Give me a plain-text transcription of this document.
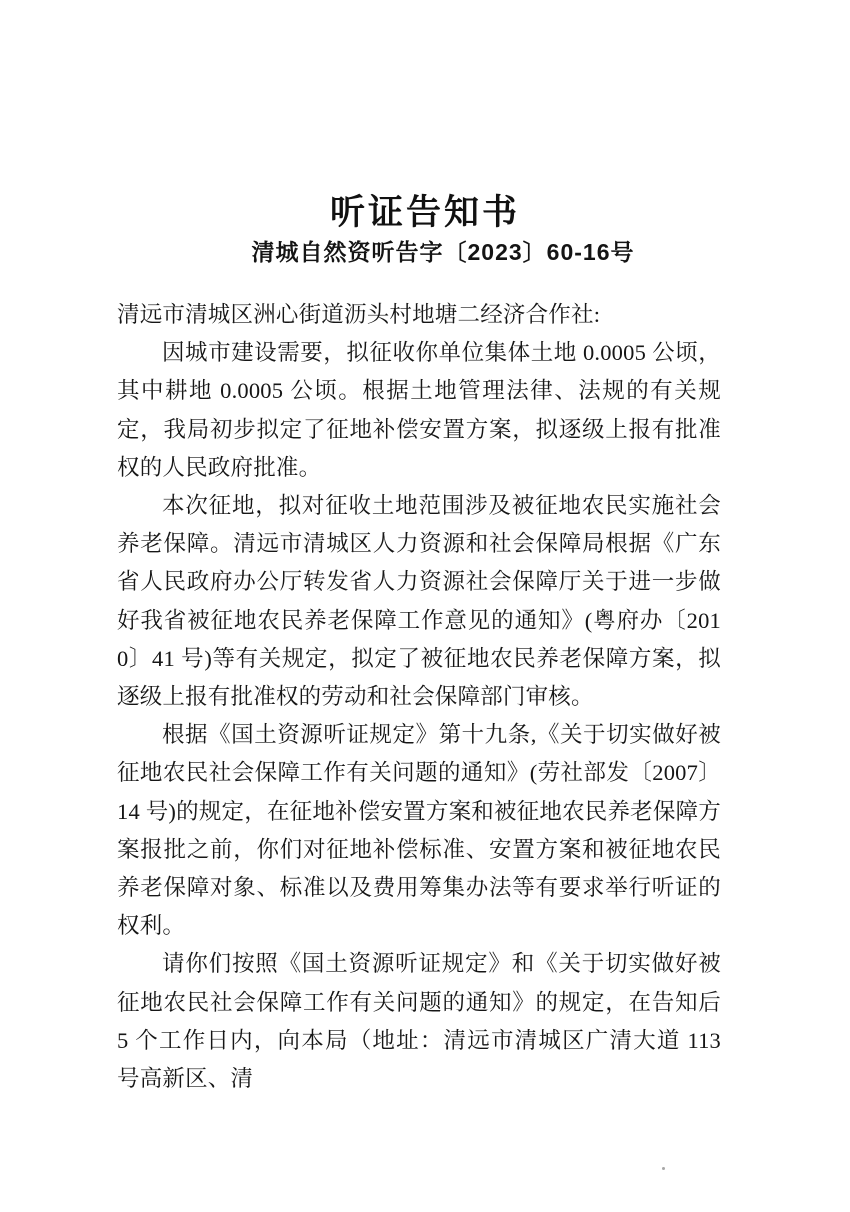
听证告知书
清城自然资听告字〔2023〕60-16号

清远市清城区洲心街道沥头村地塘二经济合作社:

因城市建设需要，拟征收你单位集体土地 0.0005 公顷，其中耕地 0.0005 公顷。根据土地管理法律、法规的有关规定，我局初步拟定了征地补偿安置方案，拟逐级上报有批准权的人民政府批准。

本次征地，拟对征收土地范围涉及被征地农民实施社会养老保障。清远市清城区人力资源和社会保障局根据《广东省人民政府办公厅转发省人力资源社会保障厅关于进一步做好我省被征地农民养老保障工作意见的通知》(粤府办〔2010〕41 号)等有关规定，拟定了被征地农民养老保障方案，拟逐级上报有批准权的劳动和社会保障部门审核。

根据《国土资源听证规定》第十九条,《关于切实做好被征地农民社会保障工作有关问题的通知》(劳社部发〔2007〕14 号)的规定，在征地补偿安置方案和被征地农民养老保障方案报批之前，你们对征地补偿标准、安置方案和被征地农民养老保障对象、标准以及费用筹集办法等有要求举行听证的权利。

请你们按照《国土资源听证规定》和《关于切实做好被征地农民社会保障工作有关问题的通知》的规定，在告知后 5 个工作日内，向本局（地址：清远市清城区广清大道 113 号高新区、清
